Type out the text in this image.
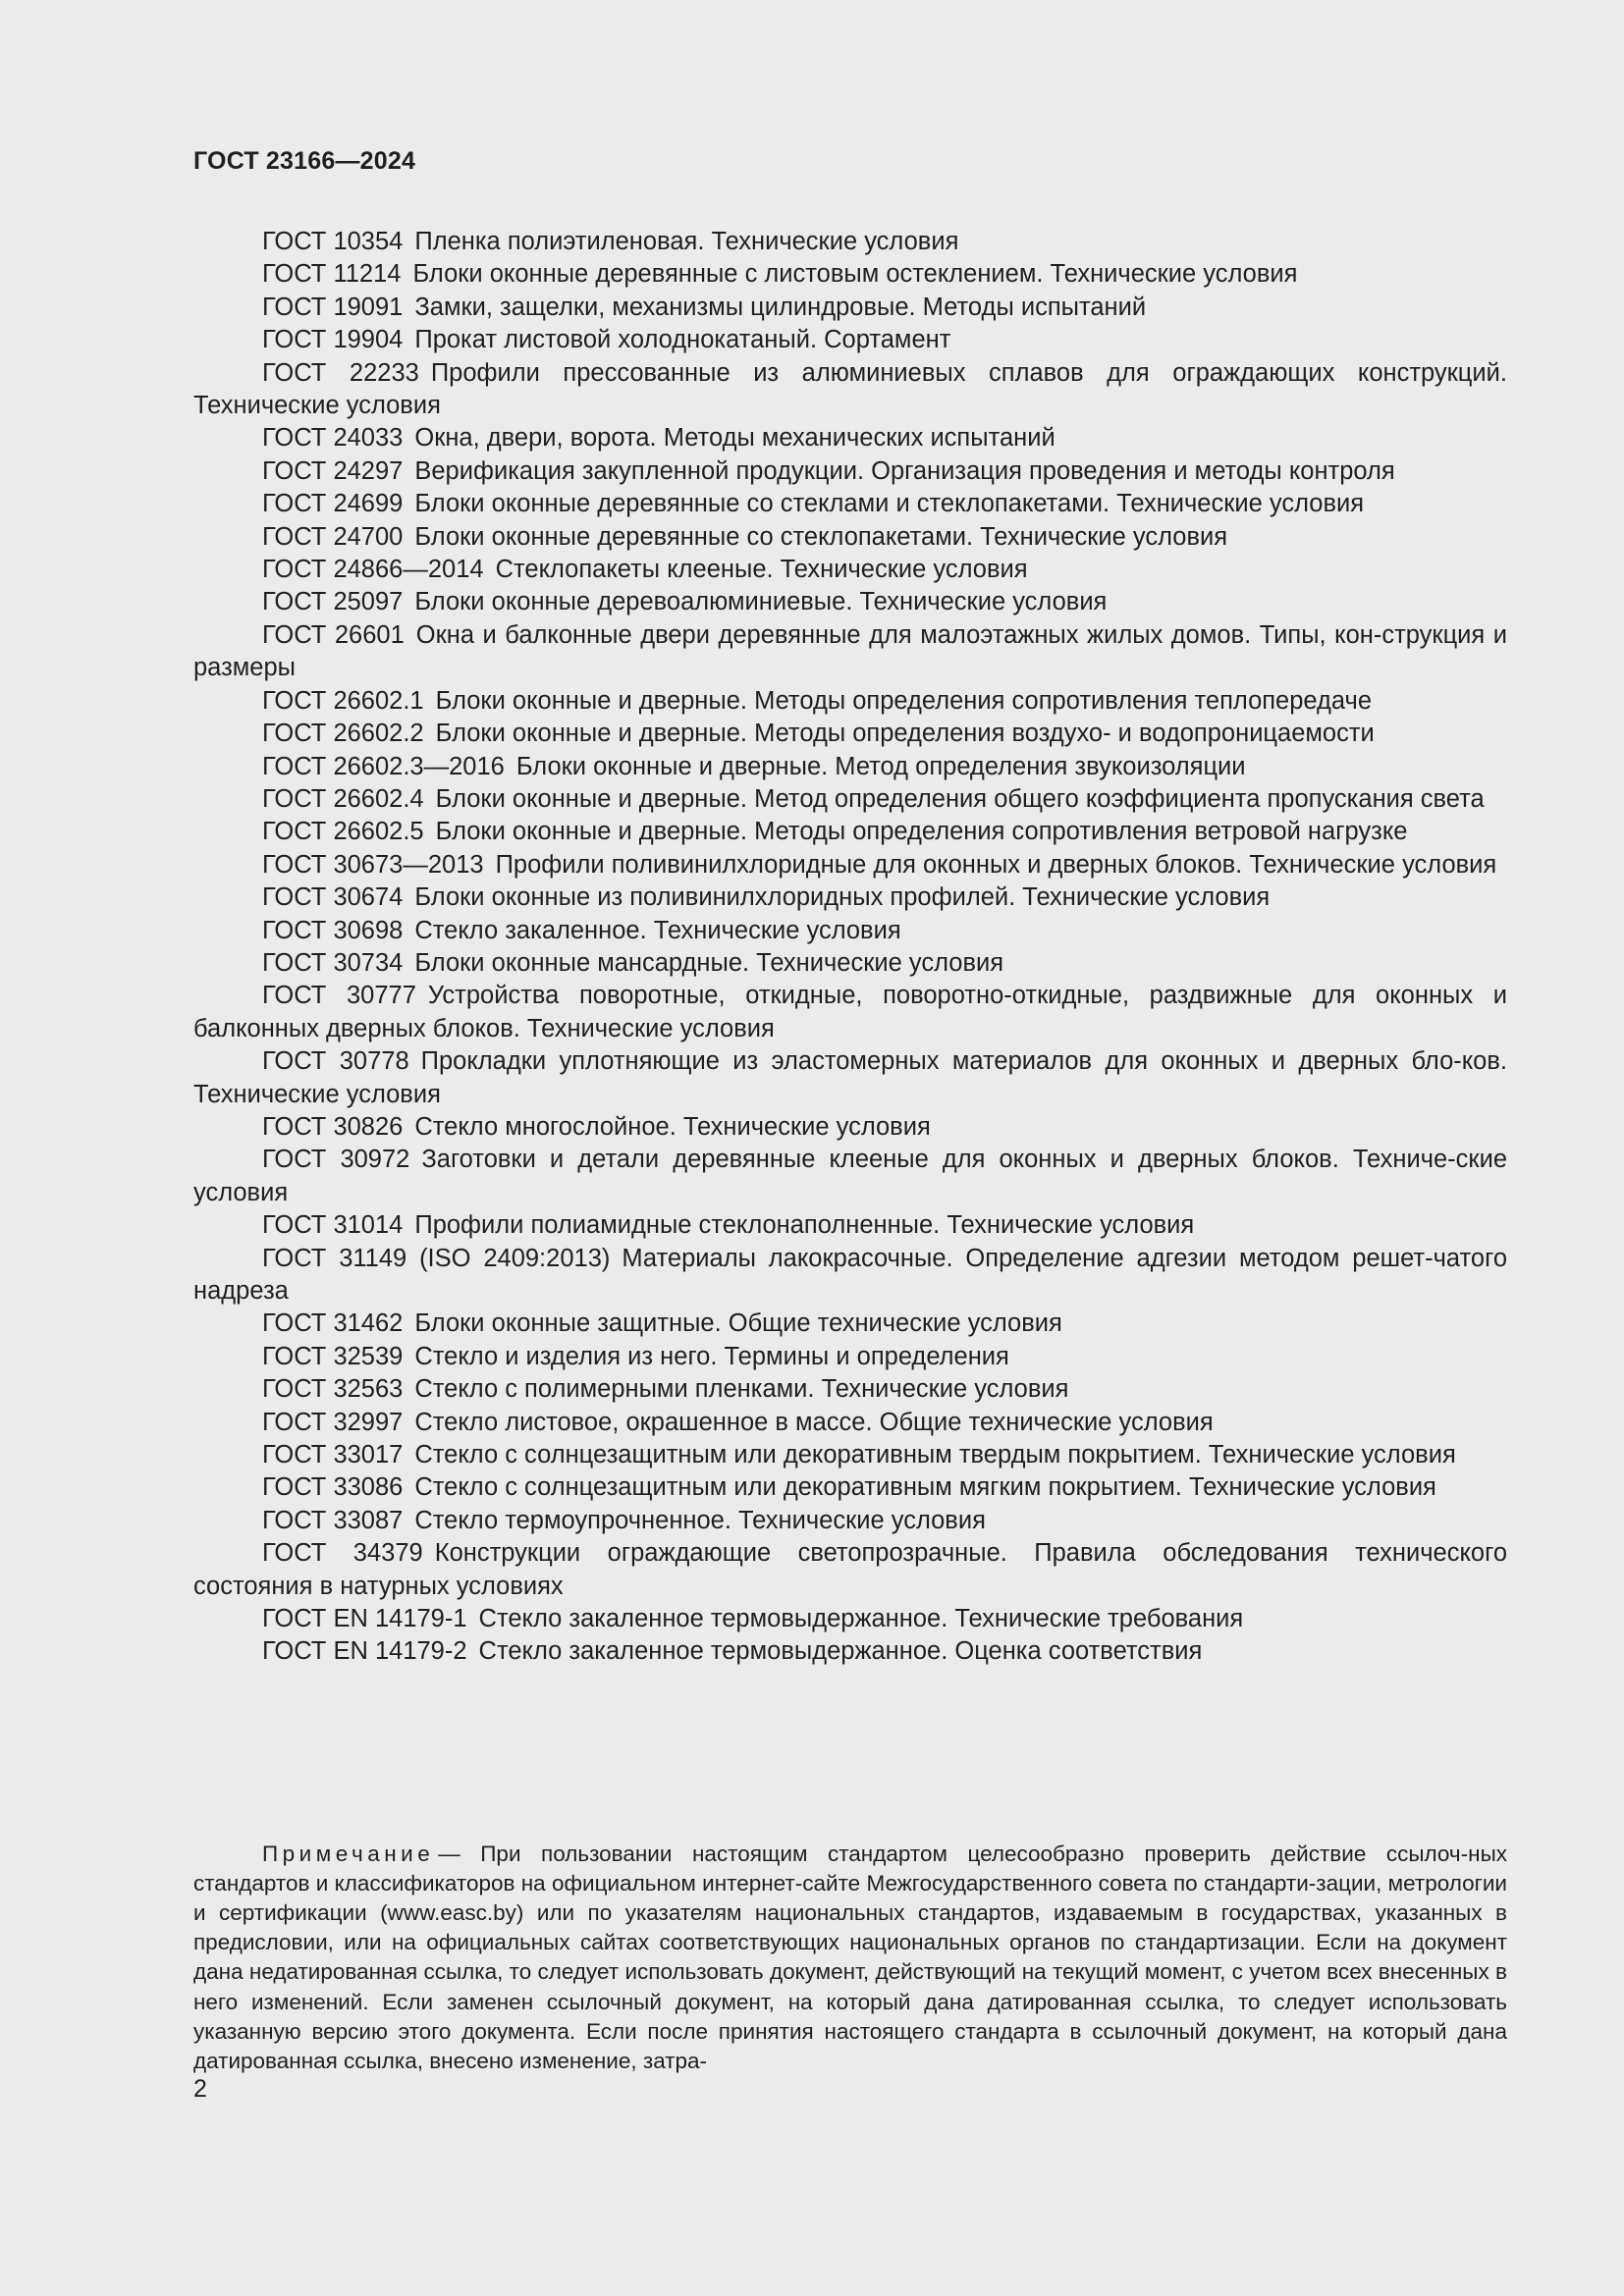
ГОСТ 23166—2024

ГОСТ 10354 Пленка полиэтиленовая. Технические условия

ГОСТ 11214 Блоки оконные деревянные с листовым остеклением. Технические условия

ГОСТ 19091 Замки, защелки, механизмы цилиндровые. Методы испытаний

ГОСТ 19904 Прокат листовой холоднокатаный. Сортамент

ГОСТ 22233 Профили прессованные из алюминиевых сплавов для ограждающих конструкций. Технические условия

ГОСТ 24033 Окна, двери, ворота. Методы механических испытаний

ГОСТ 24297 Верификация закупленной продукции. Организация проведения и методы контроля

ГОСТ 24699 Блоки оконные деревянные со стеклами и стеклопакетами. Технические условия

ГОСТ 24700 Блоки оконные деревянные со стеклопакетами. Технические условия

ГОСТ 24866—2014 Стеклопакеты клееные. Технические условия

ГОСТ 25097 Блоки оконные деревоалюминиевые. Технические условия

ГОСТ 26601 Окна и балконные двери деревянные для малоэтажных жилых домов. Типы, кон-струкция и размеры

ГОСТ 26602.1 Блоки оконные и дверные. Методы определения сопротивления теплопередаче

ГОСТ 26602.2 Блоки оконные и дверные. Методы определения воздухо- и водопроницаемости

ГОСТ 26602.3—2016 Блоки оконные и дверные. Метод определения звукоизоляции

ГОСТ 26602.4 Блоки оконные и дверные. Метод определения общего коэффициента пропускания света

ГОСТ 26602.5 Блоки оконные и дверные. Методы определения сопротивления ветровой нагрузке

ГОСТ 30673—2013 Профили поливинилхлоридные для оконных и дверных блоков. Технические условия

ГОСТ 30674 Блоки оконные из поливинилхлоридных профилей. Технические условия

ГОСТ 30698 Стекло закаленное. Технические условия

ГОСТ 30734 Блоки оконные мансардные. Технические условия

ГОСТ 30777 Устройства поворотные, откидные, поворотно-откидные, раздвижные для оконных и балконных дверных блоков. Технические условия

ГОСТ 30778 Прокладки уплотняющие из эластомерных материалов для оконных и дверных бло-ков. Технические условия

ГОСТ 30826 Стекло многослойное. Технические условия

ГОСТ 30972 Заготовки и детали деревянные клееные для оконных и дверных блоков. Техниче-ские условия

ГОСТ 31014 Профили полиамидные стеклонаполненные. Технические условия

ГОСТ 31149 (ISO 2409:2013) Материалы лакокрасочные. Определение адгезии методом решет-чатого надреза

ГОСТ 31462 Блоки оконные защитные. Общие технические условия

ГОСТ 32539 Стекло и изделия из него. Термины и определения

ГОСТ 32563 Стекло с полимерными пленками. Технические условия

ГОСТ 32997 Стекло листовое, окрашенное в массе. Общие технические условия

ГОСТ 33017 Стекло с солнцезащитным или декоративным твердым покрытием. Технические условия

ГОСТ 33086 Стекло с солнцезащитным или декоративным мягким покрытием. Технические условия

ГОСТ 33087 Стекло термоупрочненное. Технические условия

ГОСТ 34379 Конструкции ограждающие светопрозрачные. Правила обследования технического состояния в натурных условиях

ГОСТ EN 14179-1 Стекло закаленное термовыдержанное. Технические требования

ГОСТ EN 14179-2 Стекло закаленное термовыдержанное. Оценка соответствия

Примечание — При пользовании настоящим стандартом целесообразно проверить действие ссылоч-ных стандартов и классификаторов на официальном интернет-сайте Межгосударственного совета по стандарти-зации, метрологии и сертификации (www.easc.by) или по указателям национальных стандартов, издаваемым в государствах, указанных в предисловии, или на официальных сайтах соответствующих национальных органов по стандартизации. Если на документ дана недатированная ссылка, то следует использовать документ, действующий на текущий момент, с учетом всех внесенных в него изменений. Если заменен ссылочный документ, на который дана датированная ссылка, то следует использовать указанную версию этого документа. Если после принятия настоящего стандарта в ссылочный документ, на который дана датированная ссылка, внесено изменение, затра-

2
